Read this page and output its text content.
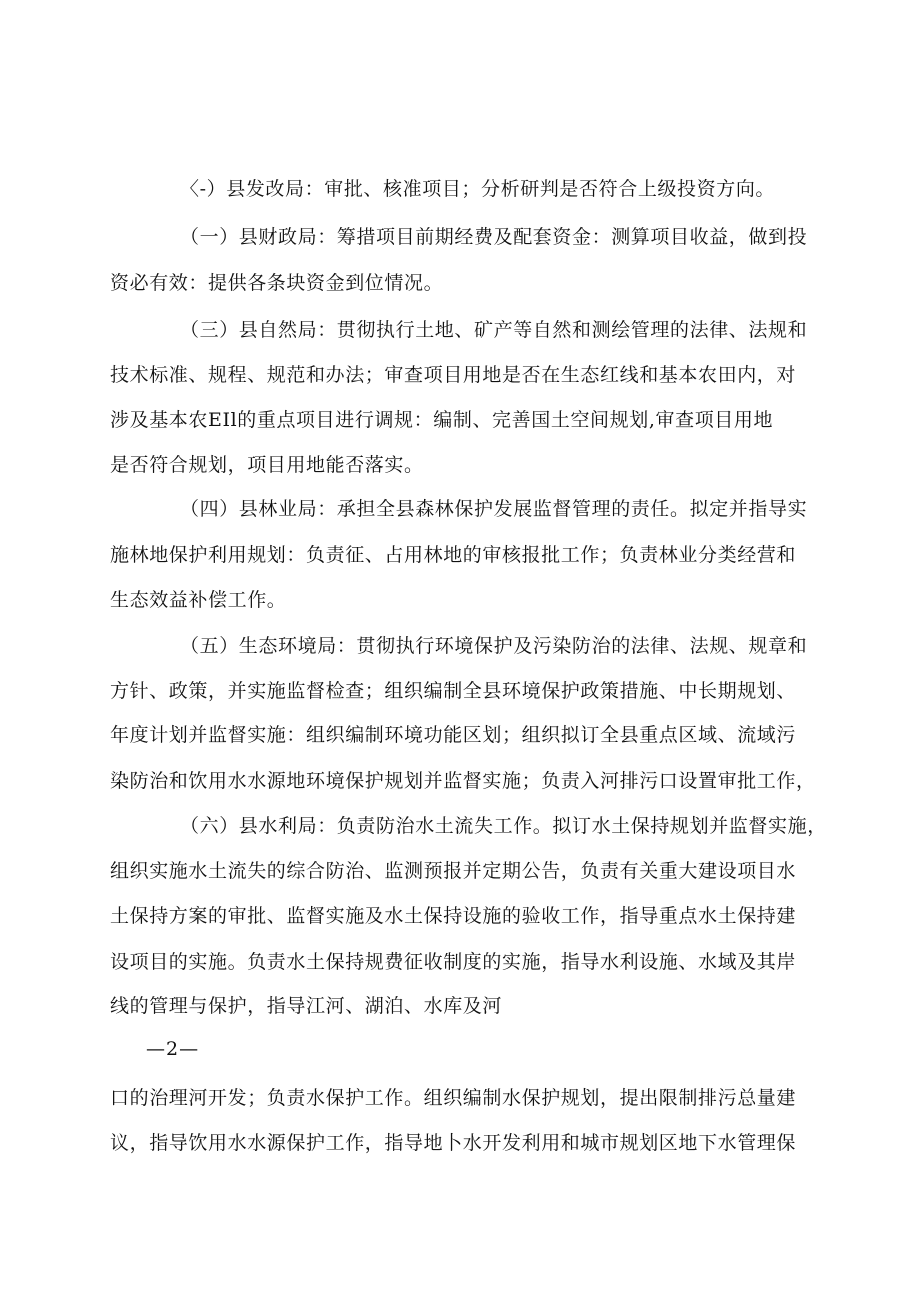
〈-）县发改局：审批、核准项目；分析研判是否符合上级投资方向。
（一）县财政局：筹措项目前期经费及配套资金：测算项目收益，做到投
资必有效：提供各条块资金到位情况。
（三）县自然局：贯彻执行土地、矿产等自然和测绘管理的法律、法规和
技术标准、规程、规范和办法；审查项目用地是否在生态红线和基本农田内，对
涉及基本农EIl的重点项目进行调规：编制、完善国土空间规划,审查项目用地
是否符合规划，项目用地能否落实。
（四）县林业局：承担全县森林保护发展监督管理的责任。拟定并指导实
施林地保护利用规划：负责征、占用林地的审核报批工作；负责林业分类经营和
生态效益补偿工作。
（五）生态环境局：贯彻执行环境保护及污染防治的法律、法规、规章和
方针、政策，并实施监督检查；组织编制全县环境保护政策措施、中长期规划、
年度计划并监督实施：组织编制环境功能区划；组织拟订全县重点区域、流域污
染防治和饮用水水源地环境保护规划并监督实施；负责入河排污口设置审批工作，
（六）县水利局：负责防治水土流失工作。拟订水土保持规划并监督实施，
组织实施水土流失的综合防治、监测预报并定期公告，负责有关重大建设项目水
土保持方案的审批、监督实施及水土保持设施的验收工作，指导重点水土保持建
设项目的实施。负责水土保持规费征收制度的实施，指导水利设施、水域及其岸
线的管理与保护，指导江河、湖泊、水库及河
—2—
口的治理河开发；负责水保护工作。组织编制水保护规划，提出限制排污总量建
议，指导饮用水水源保护工作，指导地卜水开发利用和城市规划区地下水管理保
